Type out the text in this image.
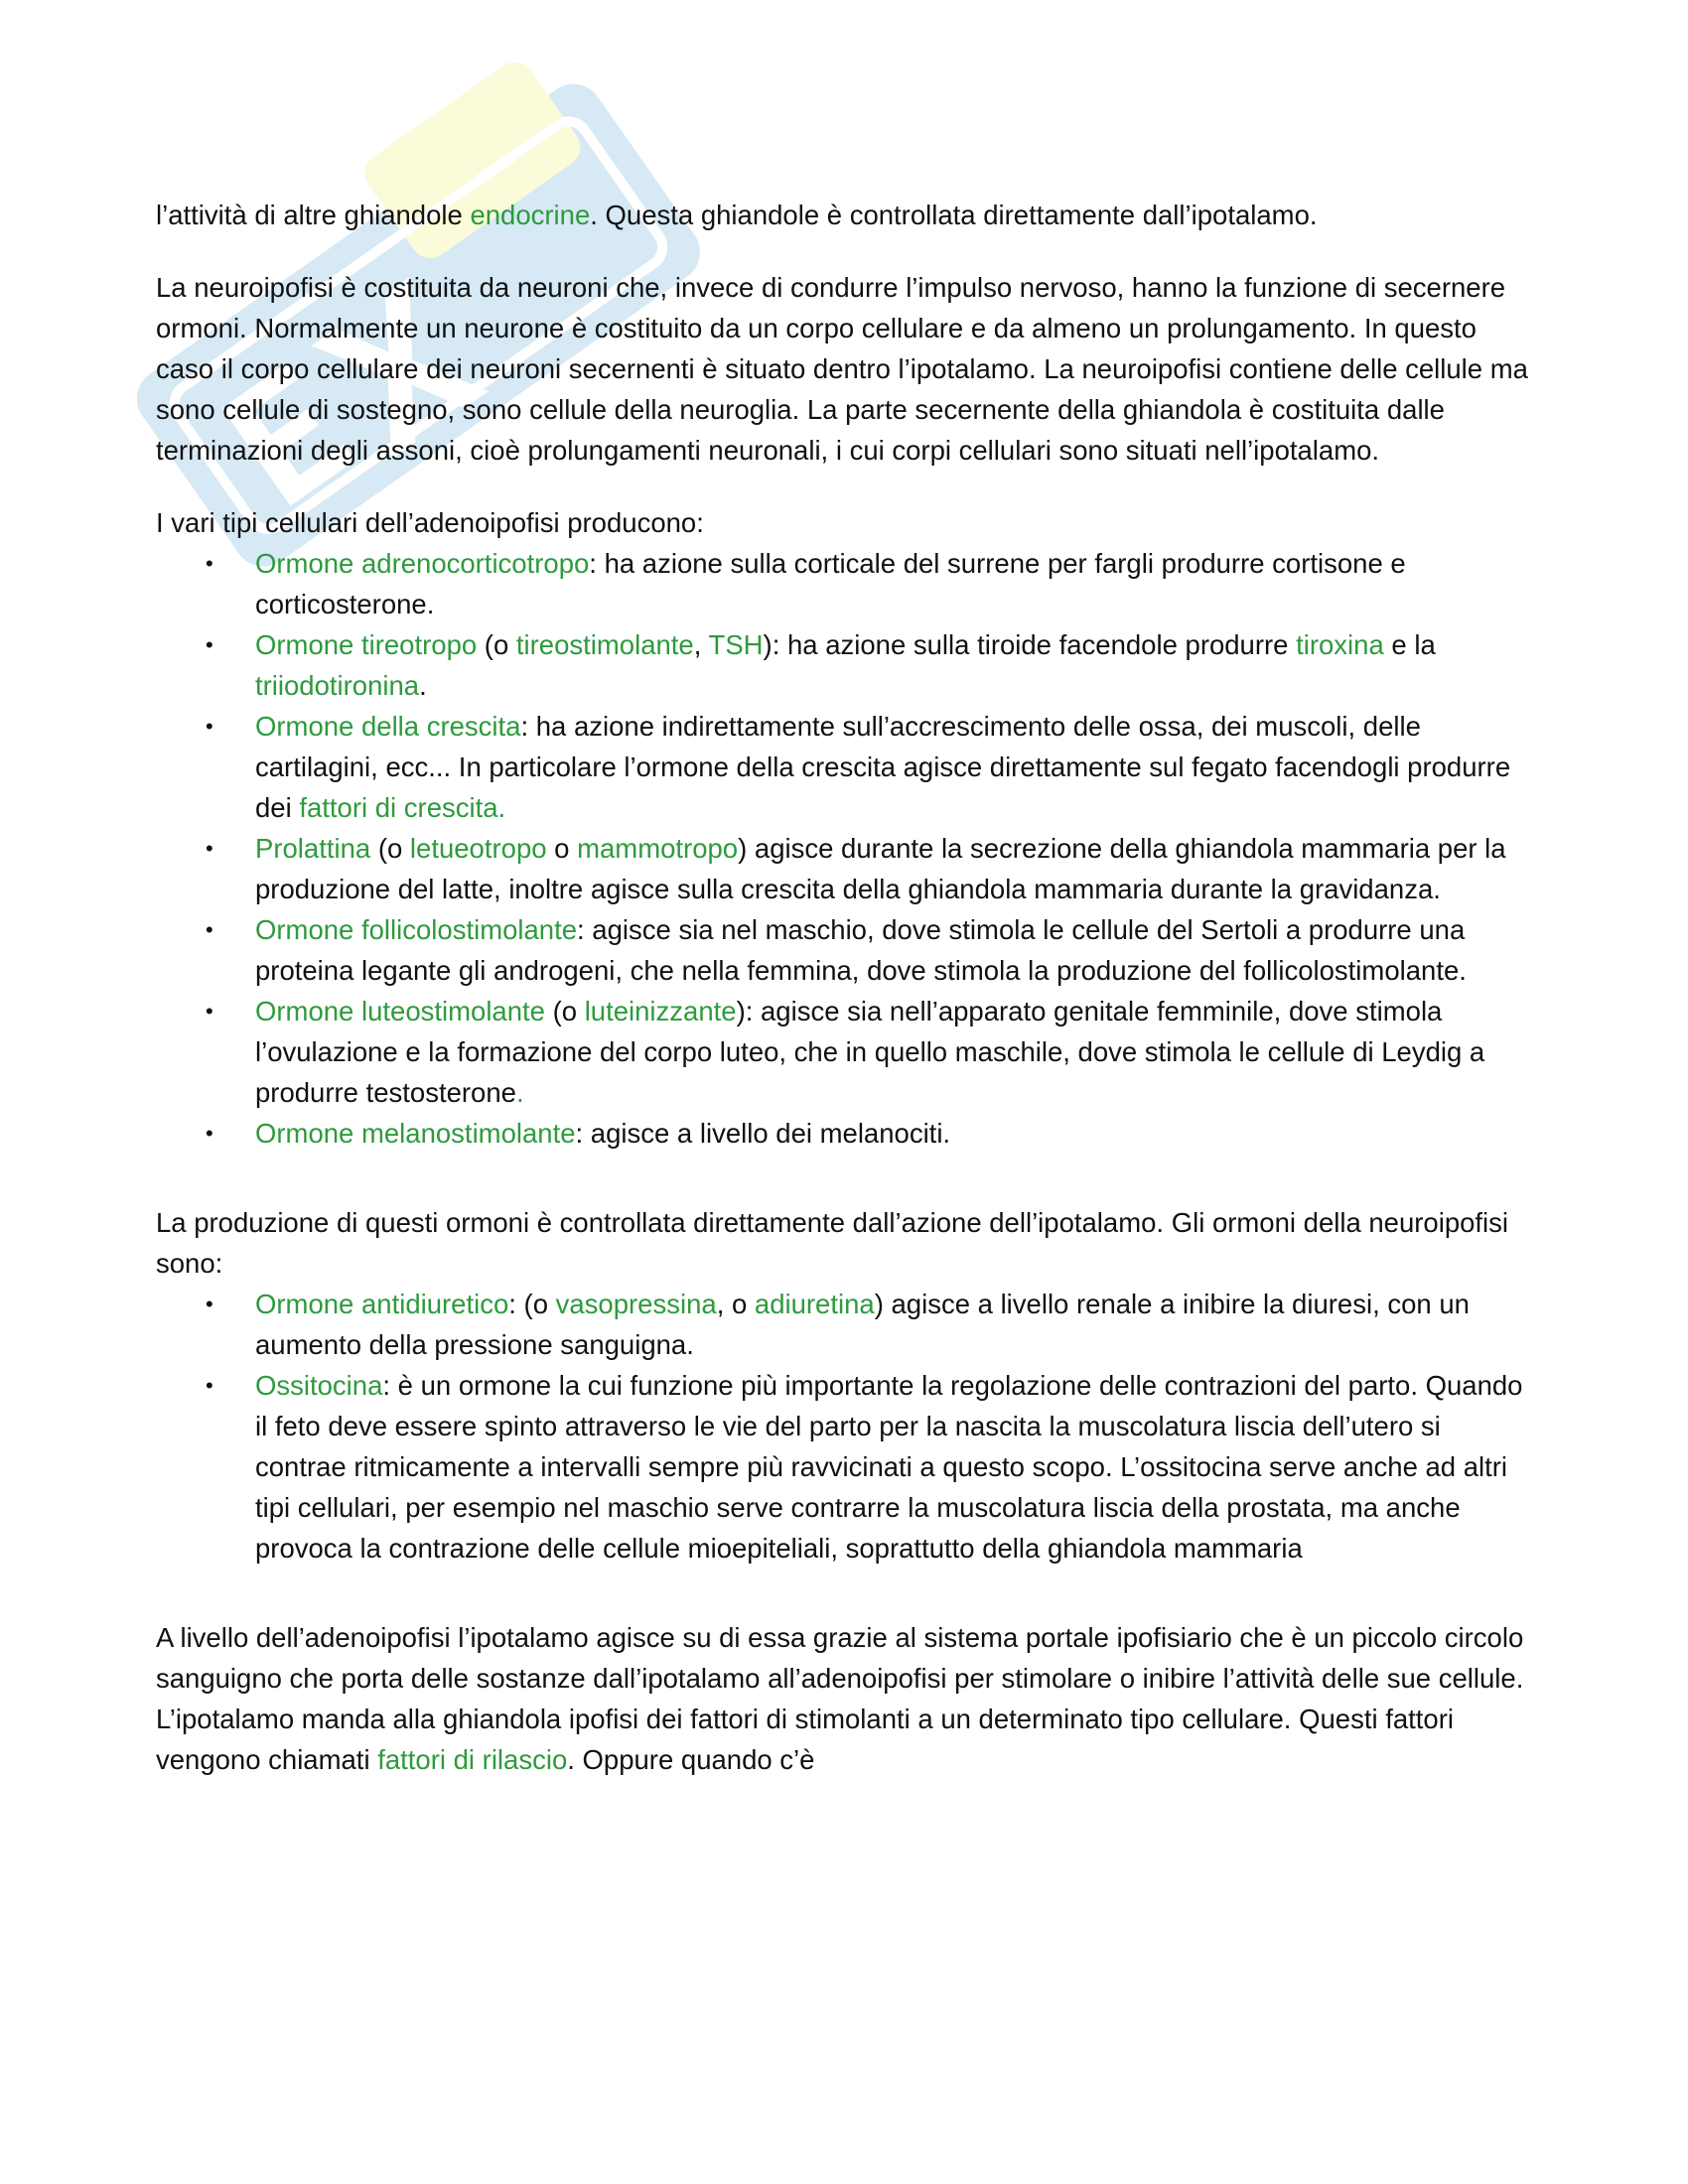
l’attività di altre ghiandole endocrine. Questa ghiandole è controllata direttamente dall’ipotalamo.

La neuroipofisi è costituita da neuroni che, invece di condurre l’impulso nervoso, hanno la funzione di secernere ormoni. Normalmente un neurone è costituito da un corpo cellulare e da almeno un prolungamento. In questo caso il corpo cellulare dei neuroni secernenti è situato dentro l’ipotalamo. La neuroipofisi contiene delle cellule ma sono cellule di sostegno, sono cellule della neuroglia. La parte secernente della ghiandola è costituita dalle terminazioni degli assoni, cioè prolungamenti neuronali, i cui corpi cellulari sono situati nell’ipotalamo.

I vari tipi cellulari dell’adenoipofisi producono:

• Ormone adrenocorticotropo: ha azione sulla corticale del surrene per fargli produrre cortisone e corticosterone.
• Ormone tireotropo (o tireostimolante, TSH): ha azione sulla tiroide facendole produrre tiroxina e la triiodotironina.
• Ormone della crescita: ha azione indirettamente sull’accrescimento delle ossa, dei muscoli, delle cartilagini, ecc... In particolare l’ormone della crescita agisce direttamente sul fegato facendogli produrre dei fattori di crescita.
• Prolattina (o letueotropo o mammotropo) agisce durante la secrezione della ghiandola mammaria per la produzione del latte, inoltre agisce sulla crescita della ghiandola mammaria durante la gravidanza.
• Ormone follicolostimolante: agisce sia nel maschio, dove stimola le cellule del Sertoli a produrre una proteina legante gli androgeni, che nella femmina, dove stimola la produzione del follicolostimolante.
• Ormone luteostimolante (o luteinizzante): agisce sia nell’apparato genitale femminile, dove stimola l’ovulazione e la formazione del corpo luteo, che in quello maschile, dove stimola le cellule di Leydig a produrre testosterone.
• Ormone melanostimolante: agisce a livello dei melanociti.

La produzione di questi ormoni è controllata direttamente dall’azione dell’ipotalamo. Gli ormoni della neuroipofisi sono:

• Ormone antidiuretico: (o vasopressina, o adiuretina) agisce a livello renale a inibire la diuresi, con un aumento della pressione sanguigna.
• Ossitocina: è un ormone la cui funzione più importante la regolazione delle contrazioni del parto. Quando il feto deve essere spinto attraverso le vie del parto per la nascita la muscolatura liscia dell’utero si contrae ritmicamente a intervalli sempre più ravvicinati a questo scopo. L’ossitocina serve anche ad altri tipi cellulari, per esempio nel maschio serve contrarre la muscolatura liscia della prostata, ma anche provoca la contrazione delle cellule mioepiteliali, soprattutto della ghiandola mammaria

A livello dell’adenoipofisi l’ipotalamo agisce su di essa grazie al sistema portale ipofisiario che è un piccolo circolo sanguigno che porta delle sostanze dall’ipotalamo all’adenoipofisi per stimolare o inibire l’attività delle sue cellule. L’ipotalamo manda alla ghiandola ipofisi dei fattori di stimolanti a un determinato tipo cellulare. Questi fattori vengono chiamati fattori di rilascio. Oppure quando c’è
